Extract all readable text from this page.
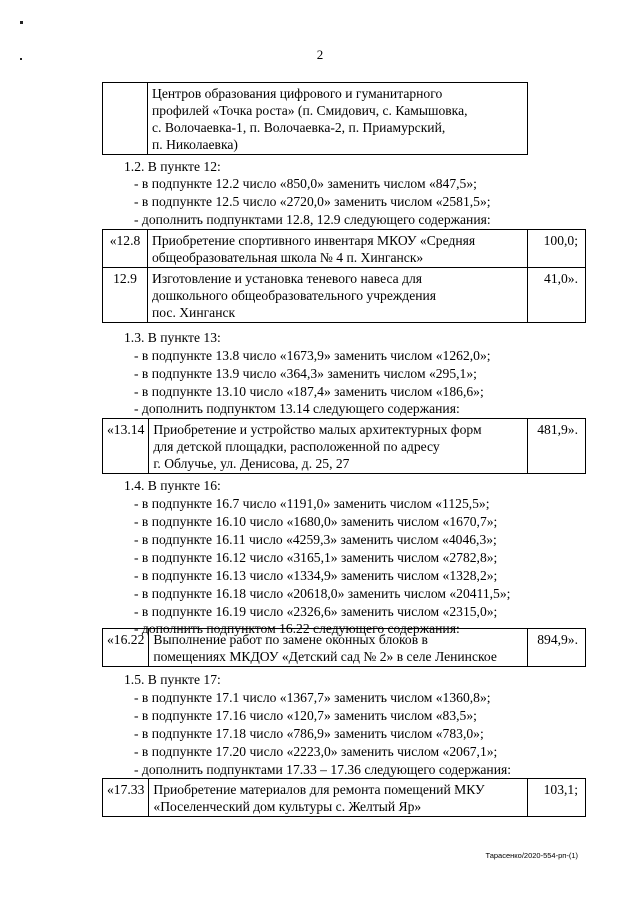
2

Центров образования цифрового и гуманитарного
профилей «Точка роста» (п. Смидович, с. Камышовка,
с. Волочаевка-1, п. Волочаевка-2, п. Приамурский,
п. Николаевка)
1.2. В пункте 12:
- в подпункте 12.2 число «850,0» заменить числом «847,5»;
- в подпункте 12.5 число «2720,0» заменить числом «2581,5»;
- дополнить подпунктами 12.8, 12.9 следующего содержания:
«12.8	Приобретение спортивного инвентаря МКОУ «Средняя
общеобразовательная школа № 4 п. Хинганск»	100,0;
12.9	Изготовление и установка теневого навеса для
дошкольного общеобразовательного учреждения
пос. Хинганск	41,0».
1.3. В пункте 13:
- в подпункте 13.8 число «1673,9» заменить числом «1262,0»;
- в подпункте 13.9 число «364,3» заменить числом «295,1»;
- в подпункте 13.10 число «187,4» заменить числом «186,6»;
- дополнить подпунктом 13.14 следующего содержания:
«13.14	Приобретение и устройство малых архитектурных форм
для детской площадки, расположенной по адресу
г. Облучье, ул. Денисова, д. 25, 27
	481,9».
1.4. В пункте 16:
- в подпункте 16.7 число «1191,0» заменить числом «1125,5»;
- в подпункте 16.10 число «1680,0» заменить числом «1670,7»;
- в подпункте 16.11 число «4259,3» заменить числом «4046,3»;
- в подпункте 16.12 число «3165,1» заменить числом «2782,8»;
- в подпункте 16.13 число «1334,9» заменить числом «1328,2»;
- в подпункте 16.18 число «20618,0» заменить числом «20411,5»;
- в подпункте 16.19 число «2326,6» заменить числом «2315,0»;
- дополнить подпунктом 16.22 следующего содержания:
«16.22	Выполнение работ по замене оконных блоков в
помещениях МКДОУ «Детский сад № 2» в селе Ленинское
	894,9».
1.5. В пункте 17:
- в подпункте 17.1 число «1367,7» заменить числом «1360,8»;
- в подпункте 17.16 число «120,7» заменить числом «83,5»;
- в подпункте 17.18 число «786,9» заменить числом «783,0»;
- в подпункте 17.20 число «2223,0» заменить числом «2067,1»;
- дополнить подпунктами 17.33 – 17.36 следующего содержания:
«17.33	Приобретение материалов для ремонта помещений МКУ
«Поселенческий дом культуры с. Желтый Яр»
	103,1;
Тарасенко/2020-554-рп-(1)
